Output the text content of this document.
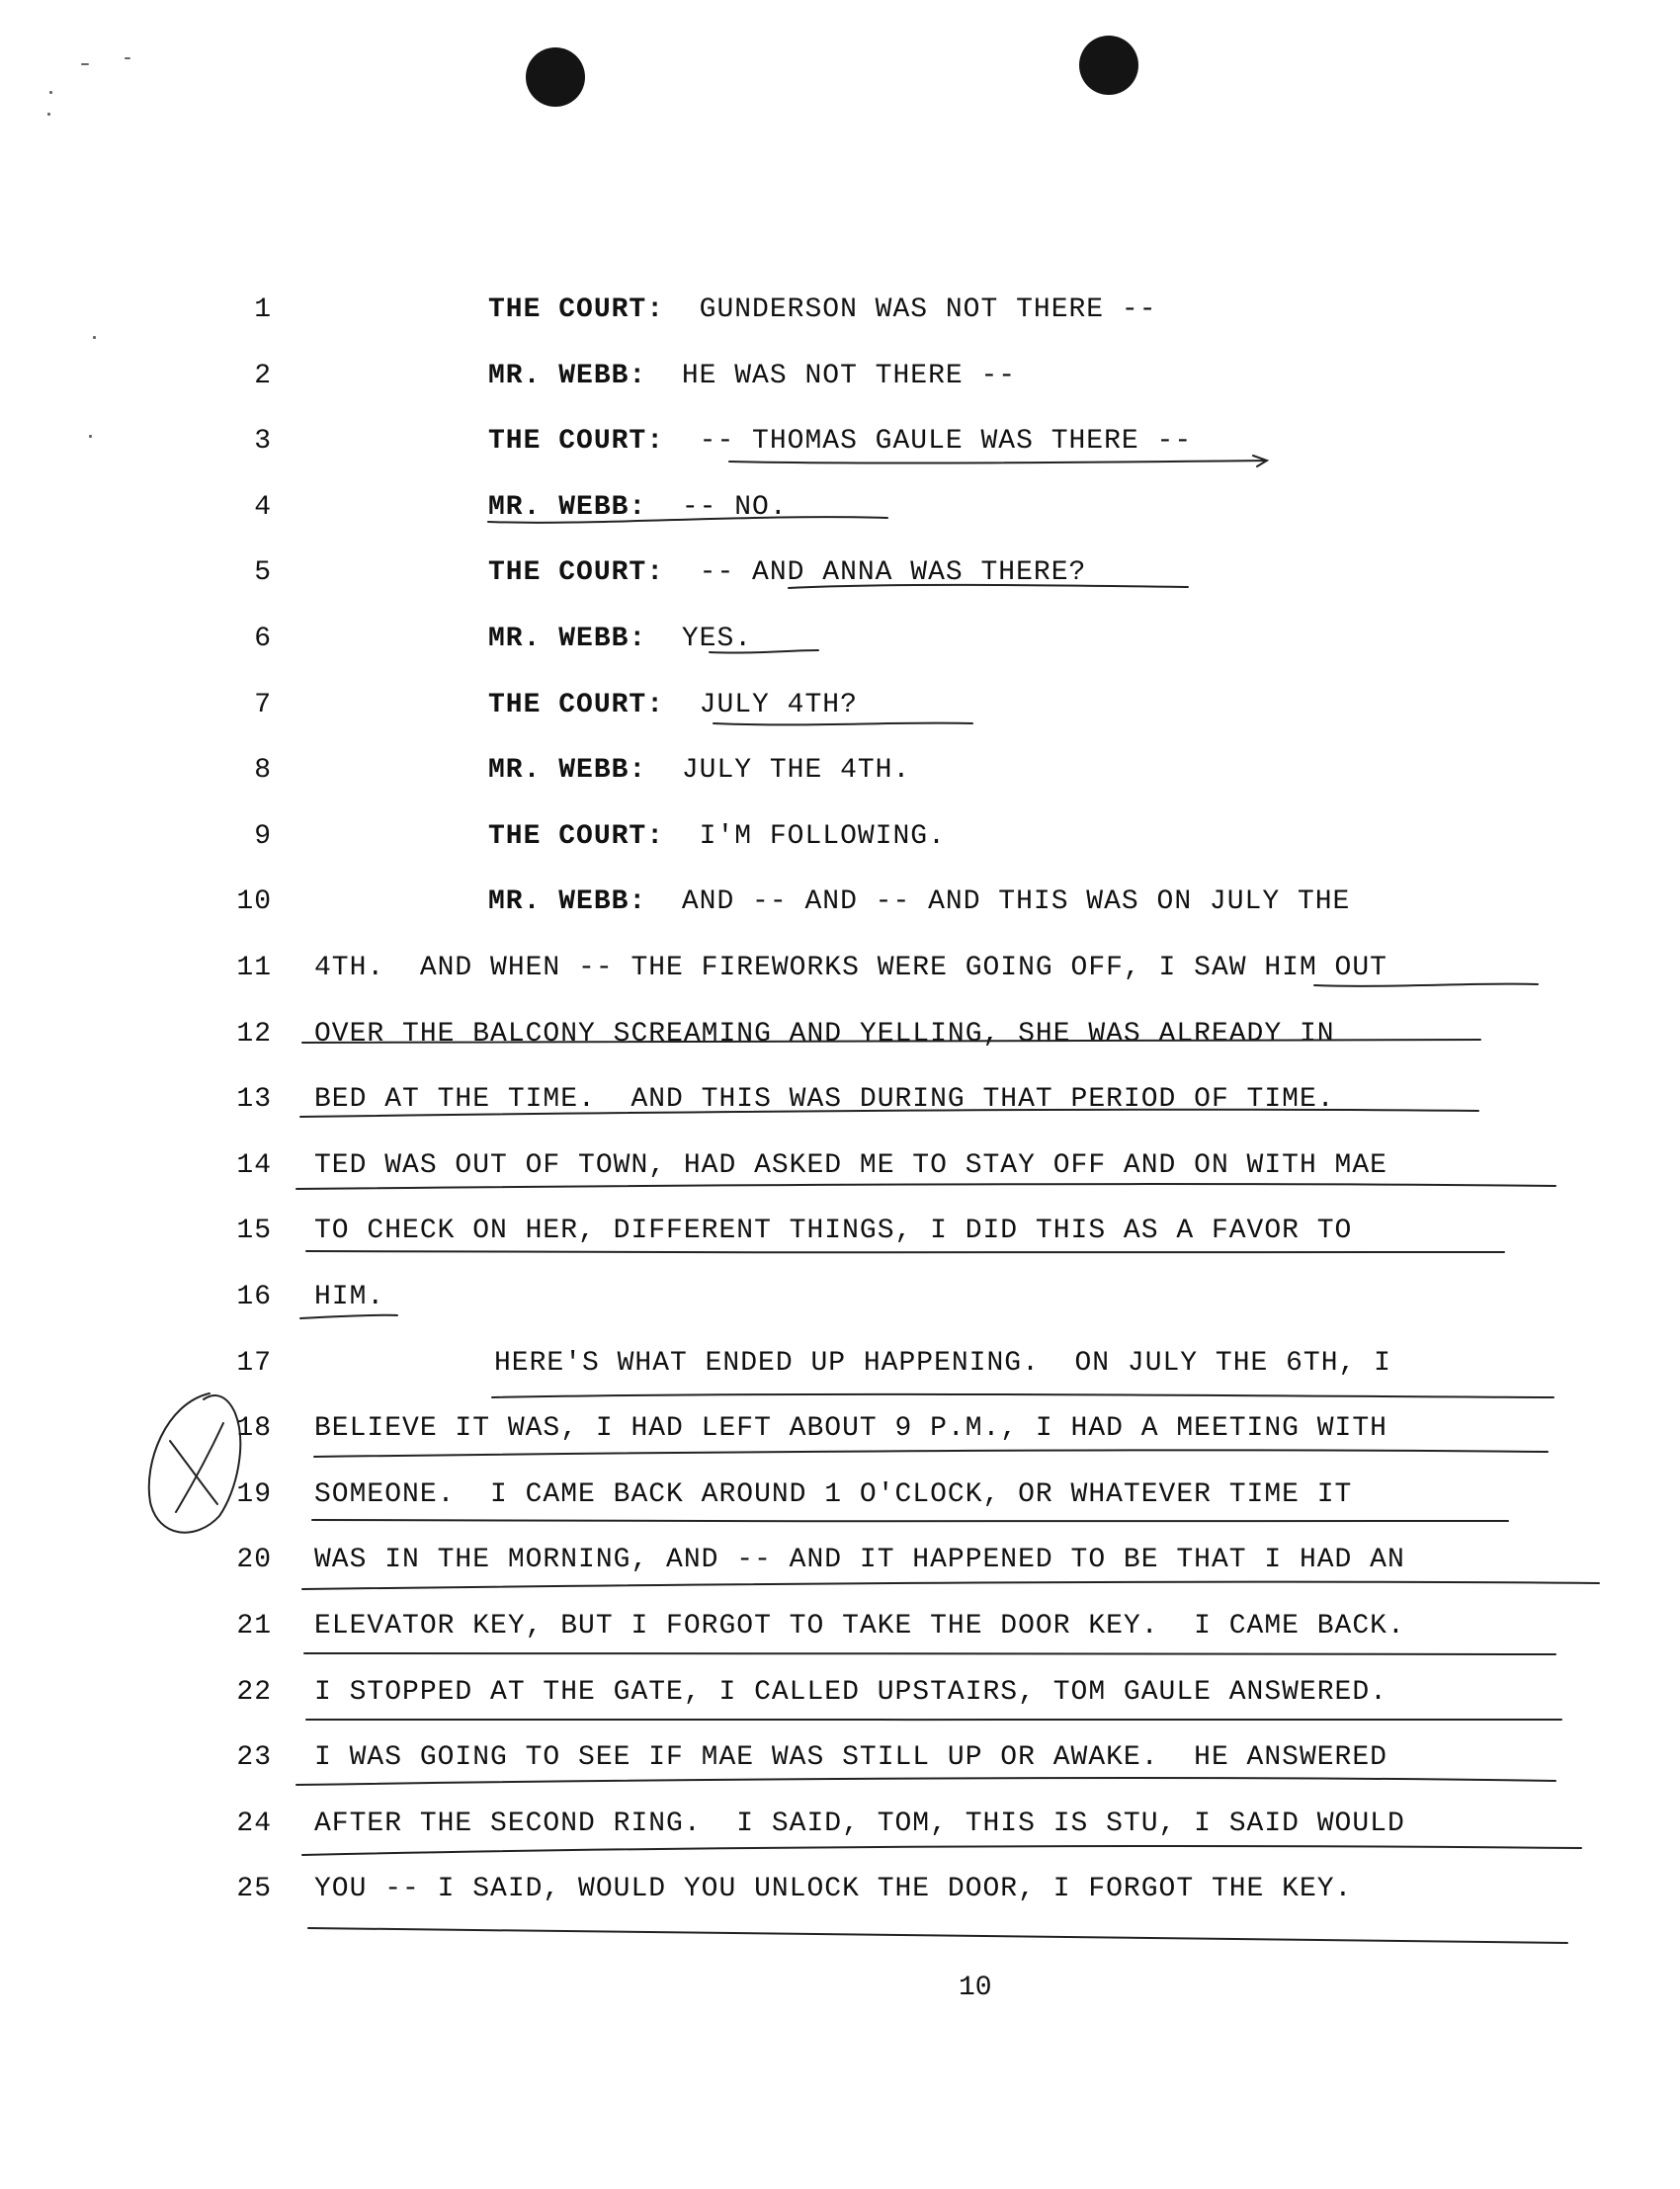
1	THE COURT: GUNDERSON WAS NOT THERE --
2	MR. WEBB: HE WAS NOT THERE --
3	THE COURT: -- THOMAS GAULE WAS THERE --
4	MR. WEBB: -- NO.
5	THE COURT: -- AND ANNA WAS THERE?
6	MR. WEBB: YES.
7	THE COURT: JULY 4TH?
8	MR. WEBB: JULY THE 4TH.
9	THE COURT: I'M FOLLOWING.
10	MR. WEBB: AND -- AND -- AND THIS WAS ON JULY THE
11 4TH.  AND WHEN -- THE FIREWORKS WERE GOING OFF, I SAW HIM OUT
12 OVER THE BALCONY SCREAMING AND YELLING, SHE WAS ALREADY IN
13 BED AT THE TIME.  AND THIS WAS DURING THAT PERIOD OF TIME.
14 TED WAS OUT OF TOWN, HAD ASKED ME TO STAY OFF AND ON WITH MAE
15 TO CHECK ON HER, DIFFERENT THINGS, I DID THIS AS A FAVOR TO
16 HIM.
17	HERE'S WHAT ENDED UP HAPPENING.  ON JULY THE 6TH, I
18 BELIEVE IT WAS, I HAD LEFT ABOUT 9 P.M., I HAD A MEETING WITH
19 SOMEONE.  I CAME BACK AROUND 1 O'CLOCK, OR WHATEVER TIME IT
20 WAS IN THE MORNING, AND -- AND IT HAPPENED TO BE THAT I HAD AN
21 ELEVATOR KEY, BUT I FORGOT TO TAKE THE DOOR KEY.  I CAME BACK.
22 I STOPPED AT THE GATE, I CALLED UPSTAIRS, TOM GAULE ANSWERED.
23 I WAS GOING TO SEE IF MAE WAS STILL UP OR AWAKE.  HE ANSWERED
24 AFTER THE SECOND RING.  I SAID, TOM, THIS IS STU, I SAID WOULD
25 YOU -- I SAID, WOULD YOU UNLOCK THE DOOR, I FORGOT THE KEY.
10
